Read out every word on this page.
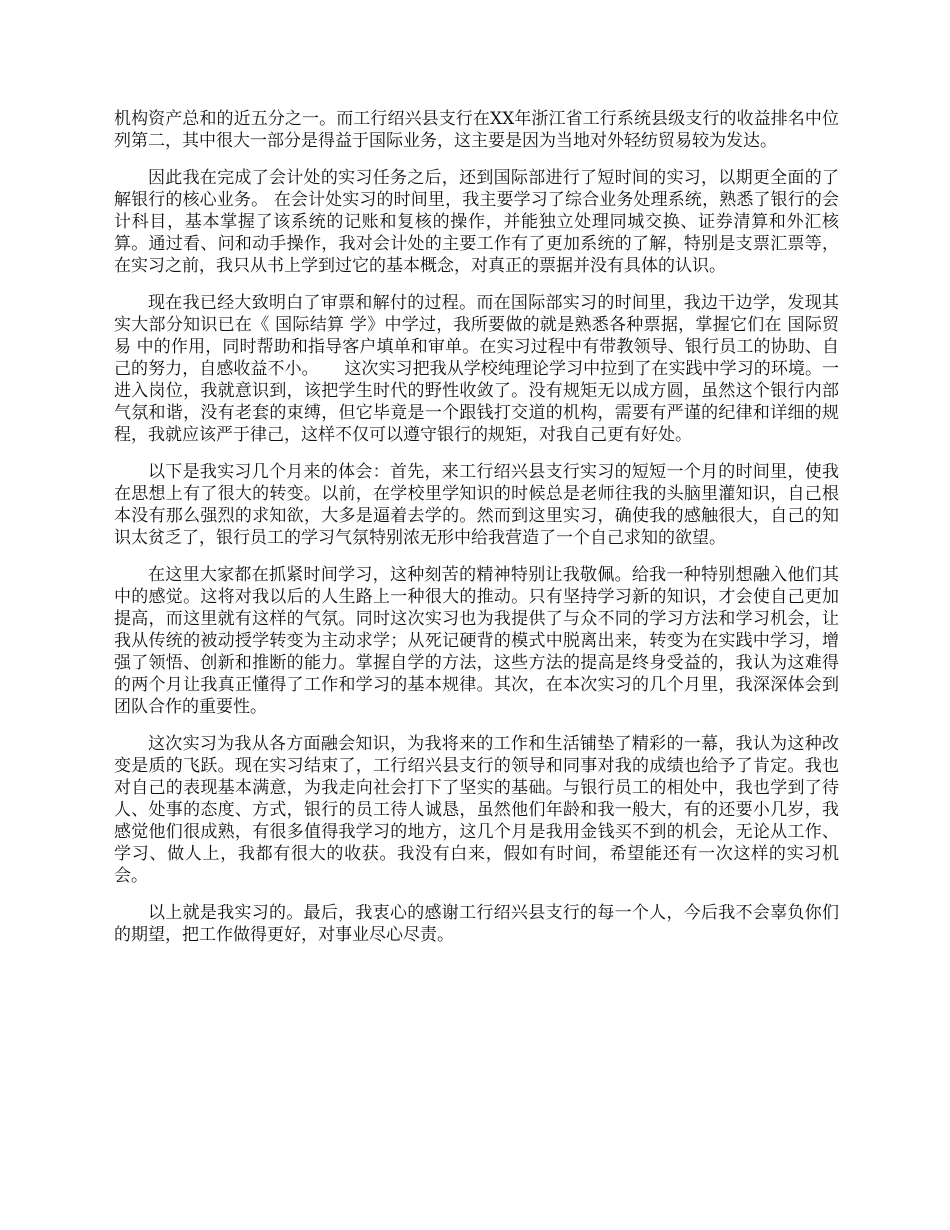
机构资产总和的近五分之一。而工行绍兴县支行在XX年浙江省工行系统县级支行的收益排名中位列第二，其中很大一部分是得益于国际业务，这主要是因为当地对外轻纺贸易较为发达。

因此我在完成了会计处的实习任务之后，还到国际部进行了短时间的实习，以期更全面的了解银行的核心业务。 在会计处实习的时间里，我主要学习了综合业务处理系统，熟悉了银行的会计科目，基本掌握了该系统的记账和复核的操作，并能独立处理同城交换、证券清算和外汇核算。通过看、问和动手操作，我对会计处的主要工作有了更加系统的了解，特别是支票汇票等，在实习之前，我只从书上学到过它的基本概念，对真正的票据并没有具体的认识。

现在我已经大致明白了审票和解付的过程。而在国际部实习的时间里，我边干边学，发现其实大部分知识已在《 国际结算 学》中学过，我所要做的就是熟悉各种票据，掌握它们在 国际贸易 中的作用，同时帮助和指导客户填单和审单。在实习过程中有带教领导、银行员工的协助、自己的努力，自感收益不小。　　这次实习把我从学校纯理论学习中拉到了在实践中学习的环境。一进入岗位，我就意识到，该把学生时代的野性收敛了。没有规矩无以成方圆，虽然这个银行内部气氛和谐，没有老套的束缚，但它毕竟是一个跟钱打交道的机构，需要有严谨的纪律和详细的规程，我就应该严于律己，这样不仅可以遵守银行的规矩，对我自己更有好处。

以下是我实习几个月来的体会：首先，来工行绍兴县支行实习的短短一个月的时间里，使我在思想上有了很大的转变。以前，在学校里学知识的时候总是老师往我的头脑里灌知识，自己根本没有那么强烈的求知欲，大多是逼着去学的。然而到这里实习，确使我的感触很大，自己的知识太贫乏了，银行员工的学习气氛特别浓无形中给我营造了一个自己求知的欲望。

在这里大家都在抓紧时间学习，这种刻苦的精神特别让我敬佩。给我一种特别想融入他们其中的感觉。这将对我以后的人生路上一种很大的推动。只有坚持学习新的知识，才会使自己更加提高，而这里就有这样的气氛。同时这次实习也为我提供了与众不同的学习方法和学习机会，让我从传统的被动授学转变为主动求学；从死记硬背的模式中脱离出来，转变为在实践中学习，增强了领悟、创新和推断的能力。掌握自学的方法，这些方法的提高是终身受益的，我认为这难得的两个月让我真正懂得了工作和学习的基本规律。其次，在本次实习的几个月里，我深深体会到团队合作的重要性。

这次实习为我从各方面融会知识，为我将来的工作和生活铺垫了精彩的一幕，我认为这种改变是质的飞跃。现在实习结束了，工行绍兴县支行的领导和同事对我的成绩也给予了肯定。我也对自己的表现基本满意，为我走向社会打下了坚实的基础。与银行员工的相处中，我也学到了待人、处事的态度、方式，银行的员工待人诚恳，虽然他们年龄和我一般大，有的还要小几岁，我感觉他们很成熟，有很多值得我学习的地方，这几个月是我用金钱买不到的机会，无论从工作、学习、做人上，我都有很大的收获。我没有白来，假如有时间，希望能还有一次这样的实习机会。

以上就是我实习的。最后，我衷心的感谢工行绍兴县支行的每一个人，今后我不会辜负你们的期望，把工作做得更好，对事业尽心尽责。
